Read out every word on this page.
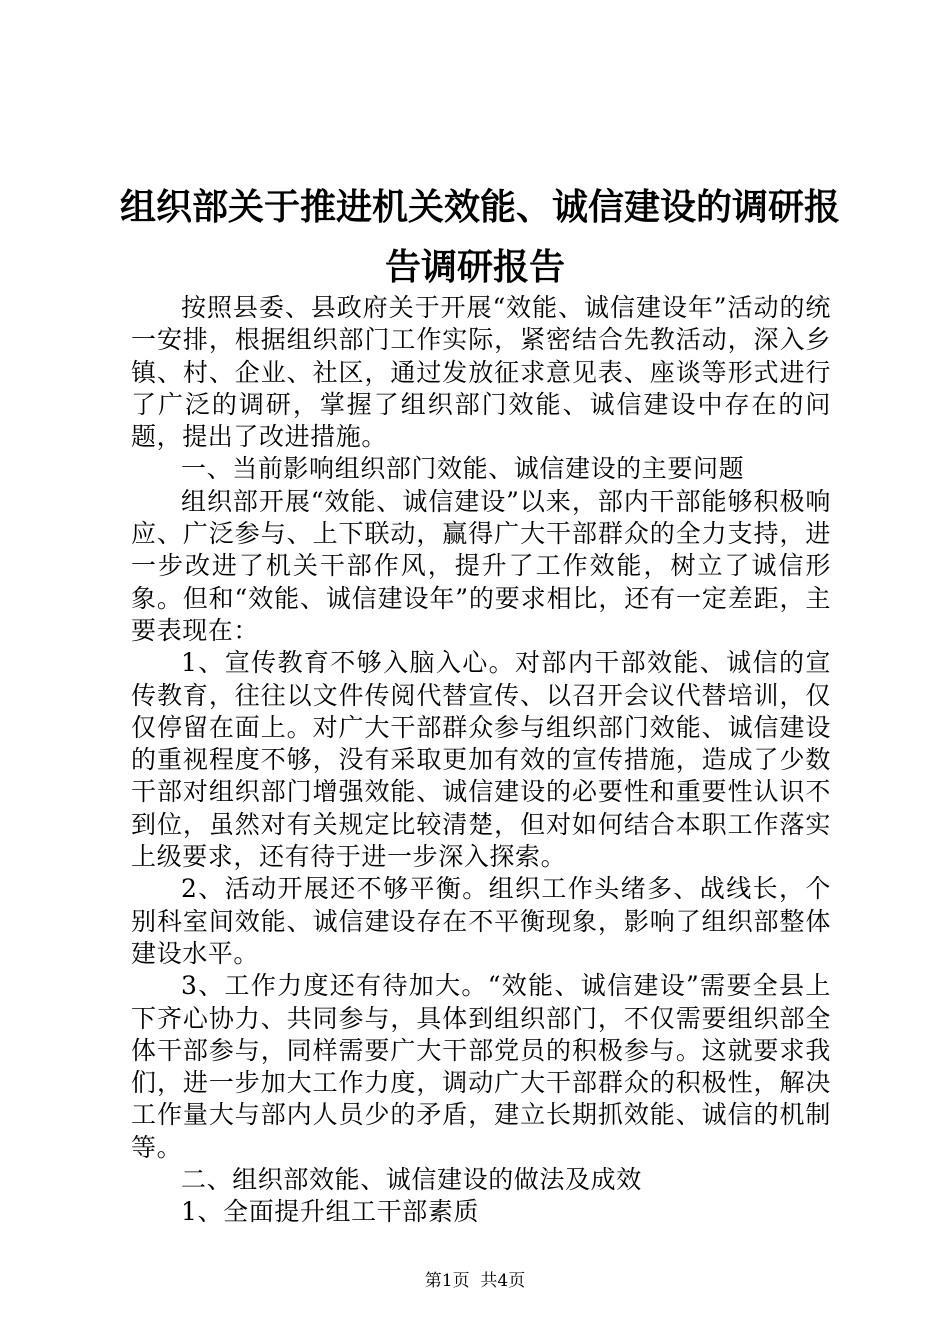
组织部关于推进机关效能、诚信建设的调研报
告调研报告

按照县委、县政府关于开展“效能、诚信建设年”活动的统一安排，根据组织部门工作实际，紧密结合先教活动，深入乡镇、村、企业、社区，通过发放征求意见表、座谈等形式进行了广泛的调研，掌握了组织部门效能、诚信建设中存在的问题，提出了改进措施。

一、当前影响组织部门效能、诚信建设的主要问题

组织部开展“效能、诚信建设”以来，部内干部能够积极响应、广泛参与、上下联动，赢得广大干部群众的全力支持，进一步改进了机关干部作风，提升了工作效能，树立了诚信形象。但和“效能、诚信建设年”的要求相比，还有一定差距，主要表现在：

1、宣传教育不够入脑入心。对部内干部效能、诚信的宣传教育，往往以文件传阅代替宣传、以召开会议代替培训，仅仅停留在面上。对广大干部群众参与组织部门效能、诚信建设的重视程度不够，没有采取更加有效的宣传措施，造成了少数干部对组织部门增强效能、诚信建设的必要性和重要性认识不到位，虽然对有关规定比较清楚，但对如何结合本职工作落实上级要求，还有待于进一步深入探索。

2、活动开展还不够平衡。组织工作头绪多、战线长，个别科室间效能、诚信建设存在不平衡现象，影响了组织部整体建设水平。

3、工作力度还有待加大。“效能、诚信建设”需要全县上下齐心协力、共同参与，具体到组织部门，不仅需要组织部全体干部参与，同样需要广大干部党员的积极参与。这就要求我们，进一步加大工作力度，调动广大干部群众的积极性，解决工作量大与部内人员少的矛盾，建立长期抓效能、诚信的机制等。

二、组织部效能、诚信建设的做法及成效

1、全面提升组工干部素质

第1页  共4页
